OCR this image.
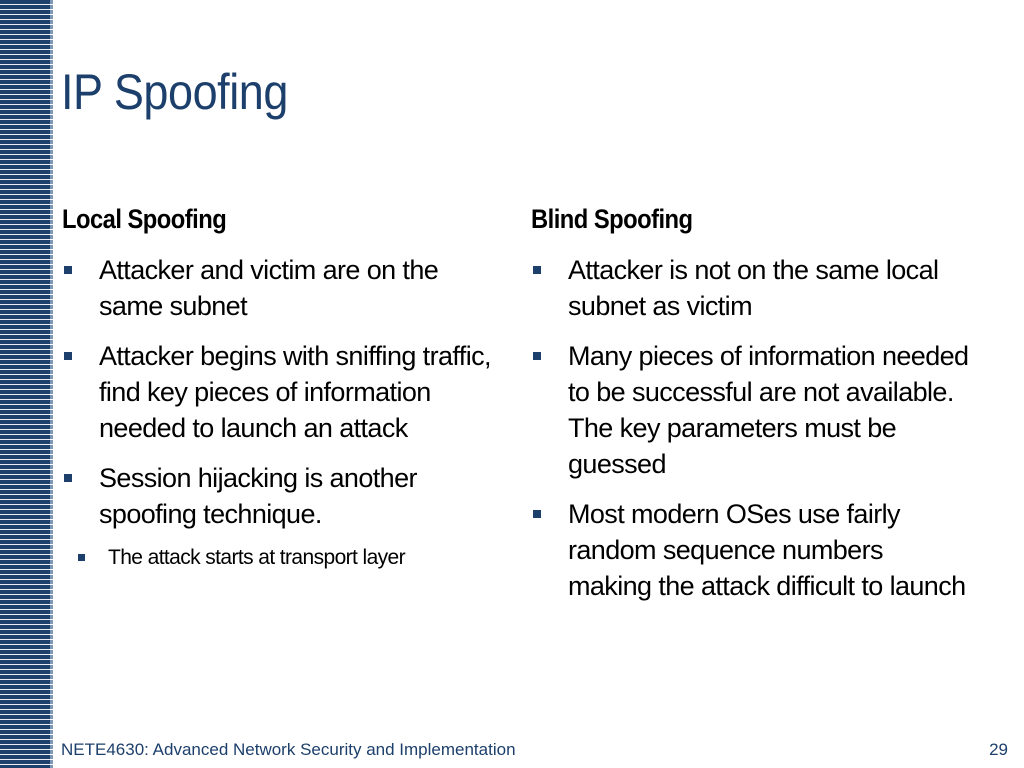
IP Spoofing
Local Spoofing
Attacker and victim are on the same subnet
Attacker begins with sniffing traffic, find key pieces of information needed to launch an attack
Session hijacking is another spoofing technique.
The attack starts at transport layer
Blind Spoofing
Attacker is not on the same local subnet as victim
Many pieces of information needed to be successful are not available. The key parameters must be guessed
Most modern OSes use fairly random sequence numbers making the attack difficult to launch
NETE4630: Advanced Network Security and Implementation	29
